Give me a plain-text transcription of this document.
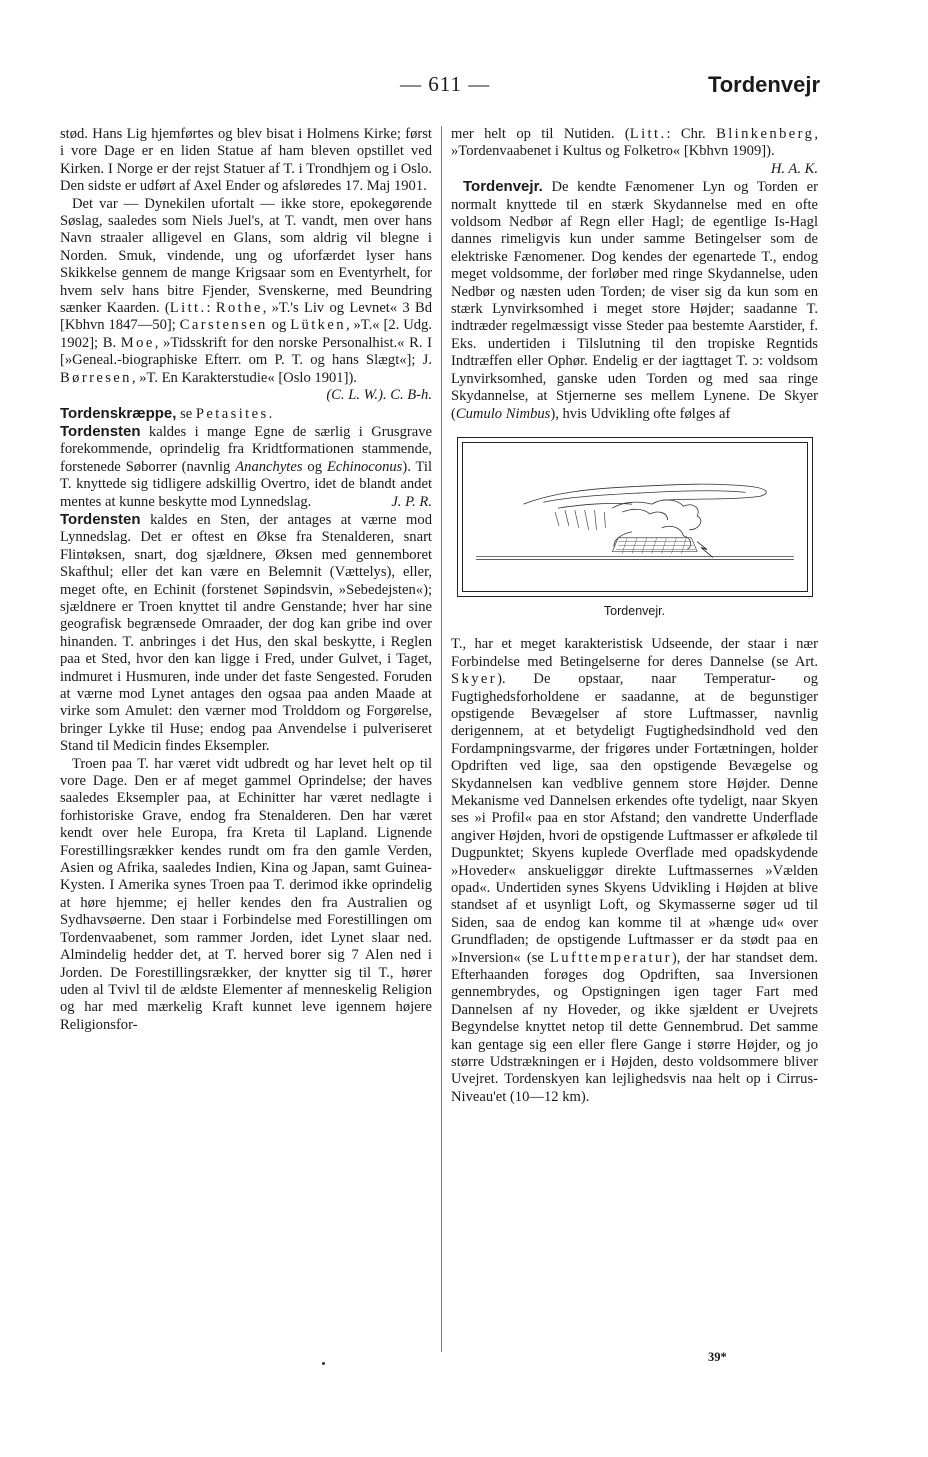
— 611 —	Tordenvejr

stød. Hans Lig hjemførtes og blev bisat i Holmens Kirke; først i vore Dage er en liden Statue af ham bleven opstillet ved Kirken. I Norge er der rejst Statuer af T. i Trondhjem og i Oslo. Den sidste er udført af Axel Ender og afsløredes 17. Maj 1901.

Det var — Dynekilen ufortalt — ikke store, epokegørende Søslag, saaledes som Niels Juel's, at T. vandt, men over hans Navn straaler alligevel en Glans, som aldrig vil blegne i Norden. Smuk, vindende, ung og uforfærdet lyser hans Skikkelse gennem de mange Krigsaar som en Eventyrhelt, for hvem selv hans bitre Fjender, Svenskerne, med Beundring sænker Kaarden. (Litt.: Rothe, »T.'s Liv og Levnet« 3 Bd [Kbhvn 1847—50]; Carstensen og Lütken, »T.« [2. Udg. 1902]; B. Moe, »Tidsskrift for den norske Personalhist.« R. I [»Geneal.-biographiske Efterr. om P. T. og hans Slægt«]; J. Børresen, »T. En Karakterstudie« [Oslo 1901]).
(C. L. W.). C. B-h.

Tordenskræppe, se Petasites.

Tordensten kaldes i mange Egne de særlig i Grusgrave forekommende, oprindelig fra Kridtformationen stammende, forstenede Søborrer (navnlig Ananchytes og Echinoconus). Til T. knyttede sig tidligere adskillig Overtro, idet de blandt andet mentes at kunne beskytte mod Lynnedslag.	J. P. R.

Tordensten kaldes en Sten, der antages at værne mod Lynnedslag. Det er oftest en Økse fra Stenalderen, snart Flintøksen, snart, dog sjældnere, Øksen med gennemboret Skafthul; eller det kan være en Belemnit (Vættelys), eller, meget ofte, en Echinit (forstenet Søpindsvin, »Sebedejsten«); sjældnere er Troen knyttet til andre Genstande; hver har sine geografisk begrænsede Omraader, der dog kan gribe ind over hinanden. T. anbringes i det Hus, den skal beskytte, i Reglen paa et Sted, hvor den kan ligge i Fred, under Gulvet, i Taget, indmuret i Husmuren, inde under det faste Sengested. Foruden at værne mod Lynet antages den ogsaa paa anden Maade at virke som Amulet: den værner mod Trolddom og Forgørelse, bringer Lykke til Huse; endog paa Anvendelse i pulveriseret Stand til Medicin findes Eksempler.

Troen paa T. har været vidt udbredt og har levet helt op til vore Dage. Den er af meget gammel Oprindelse; der haves saaledes Eksempler paa, at Echinitter har været nedlagte i forhistoriske Grave, endog fra Stenalderen. Den har været kendt over hele Europa, fra Kreta til Lapland. Lignende Forestillingsrækker kendes rundt om fra den gamle Verden, Asien og Afrika, saaledes Indien, Kina og Japan, samt Guinea-Kysten. I Amerika synes Troen paa T. derimod ikke oprindelig at høre hjemme; ej heller kendes den fra Australien og Sydhavsøerne. Den staar i Forbindelse med Forestillingen om Tordenvaabenet, som rammer Jorden, idet Lynet slaar ned. Almindelig hedder det, at T. herved borer sig 7 Alen ned i Jorden. De Forestillingsrækker, der knytter sig til T., hører uden al Tvivl til de ældste Elementer af menneskelig Religion og har med mærkelig Kraft kunnet leve igennem højere Religionsfor-

mer helt op til Nutiden. (Litt.: Chr. Blinkenberg, »Tordenvaabenet i Kultus og Folketro« [Kbhvn 1909]).
H. A. K.

Tordenvejr. De kendte Fænomener Lyn og Torden er normalt knyttede til en stærk Skydannelse med en ofte voldsom Nedbør af Regn eller Hagl; de egentlige Is-Hagl dannes rimeligvis kun under samme Betingelser som de elektriske Fænomener. Dog kendes der egenartede T., endog meget voldsomme, der forløber med ringe Skydannelse, uden Nedbør og næsten uden Torden; de viser sig da kun som en stærk Lynvirksomhed i meget store Højder; saadanne T. indtræder regelmæssigt visse Steder paa bestemte Aarstider, f. Eks. undertiden i Tilslutning til den tropiske Regntids Indtræffen eller Ophør. Endelig er der iagttaget T. ɔ: voldsom Lynvirksomhed, ganske uden Torden og med saa ringe Skydannelse, at Stjernerne ses mellem Lynene. De Skyer (Cumulo Nimbus), hvis Udvikling ofte følges af

Tordenvejr.

T., har et meget karakteristisk Udseende, der staar i nær Forbindelse med Betingelserne for deres Dannelse (se Art. Skyer). De opstaar, naar Temperatur- og Fugtighedsforholdene er saadanne, at de begunstiger opstigende Bevægelser af store Luftmasser, navnlig derigennem, at et betydeligt Fugtighedsindhold ved den Fordampningsvarme, der frigøres under Fortætningen, holder Opdriften ved lige, saa den opstigende Bevægelse og Skydannelsen kan vedblive gennem store Højder. Denne Mekanisme ved Dannelsen erkendes ofte tydeligt, naar Skyen ses »i Profil« paa en stor Afstand; den vandrette Underflade angiver Højden, hvori de opstigende Luftmasser er afkølede til Dugpunktet; Skyens kuplede Overflade med opadskydende »Hoveder« anskueliggør direkte Luftmassernes »Vælden opad«. Undertiden synes Skyens Udvikling i Højden at blive standset af et usynligt Loft, og Skymasserne søger ud til Siden, saa de endog kan komme til at »hænge ud« over Grundfladen; de opstigende Luftmasser er da stødt paa en »Inversion« (se Lufttemperatur), der har standset dem. Efterhaanden forøges dog Opdriften, saa Inversionen gennembrydes, og Opstigningen igen tager Fart med Dannelsen af ny Hoveder, og ikke sjældent er Uvejrets Begyndelse knyttet netop til dette Gennembrud. Det samme kan gentage sig een eller flere Gange i større Højder, og jo større Udstrækningen er i Højden, desto voldsommere bliver Uvejret. Tordenskyen kan lejlighedsvis naa helt op i Cirrus-Niveau'et (10—12 km).

39*
